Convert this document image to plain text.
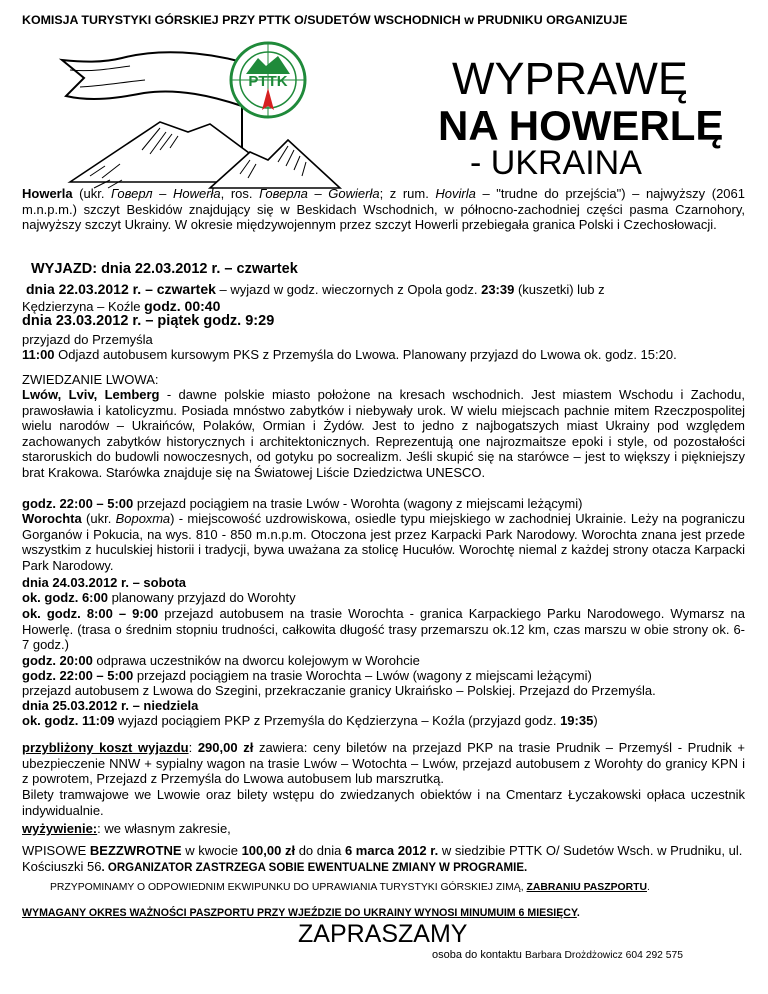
KOMISJA TURYSTYKI GÓRSKIEJ PRZY PTTK O/SUDETÓW WSCHODNICH w PRUDNIKU ORGANIZUJE
PTTK	WYPRAWĘ
NA HOWERLĘ
- UKRAINA

Howerla (ukr. Говерл – Howerła, ros. Говерла – Gowierła; z rum. Hovirla – "trudne do przejścia") – najwyższy (2061 m.n.p.m.) szczyt Beskidów znajdujący się w Beskidach Wschodnich, w północno-zachodniej części pasma Czarnohory, najwyższy szczyt Ukrainy. W okresie międzywojennym przez szczyt Howerli przebiegała granica Polski i Czechosłowacji.

WYJAZD: dnia 22.03.2012 r. – czwartek

dnia 22.03.2012 r. – czwartek – wyjazd w godz. wieczornych z Opola godz. 23:39 (kuszetki) lub z

Kędzierzyna – Koźle godz. 00:40

dnia 23.03.2012 r. – piątek godz. 9:29
przyjazd do Przemyśla

11:00 Odjazd autobusem kursowym PKS z Przemyśla do Lwowa. Planowany przyjazd do Lwowa ok. godz. 15:20.

ZWIEDZANIE LWOWA:

Lwów, Lviv, Lemberg - dawne polskie miasto położone na kresach wschodnich. Jest miastem Wschodu i Zachodu, prawosławia i katolicyzmu. Posiada mnóstwo zabytków i niebywały urok. W wielu miejscach pachnie mitem Rzeczpospolitej wielu narodów – Ukraińców, Polaków, Ormian i Żydów. Jest to jedno z najbogatszych miast Ukrainy pod względem zachowanych zabytków historycznych i architektonicznych. Reprezentują one najrozmaitsze epoki i style, od pozostałości staroruskich do budowli nowoczesnych, od gotyku po socrealizm. Jeśli skupić się na starówce – jest to większy i piękniejszy brat Krakowa. Starówka znajduje się na Światowej Liście Dziedzictwa UNESCO.

godz. 22:00 – 5:00 przejazd pociągiem na trasie Lwów - Worohta (wagony z miejscami leżącymi)

Worochta (ukr. Ворохта) - miejscowość uzdrowiskowa, osiedle typu miejskiego w zachodniej Ukrainie. Leży na pograniczu Gorganów i Pokucia, na wys. 810 - 850 m.n.p.m. Otoczona jest przez Karpacki Park Narodowy. Worochta znana jest przede wszystkim z huculskiej historii i tradycji, bywa uważana za stolicę Hucułów. Worochtę niemal z każdej strony otacza Karpacki Park Narodowy.

dnia 24.03.2012 r. – sobota

ok. godz. 6:00 planowany przyjazd do Worohty

ok. godz. 8:00 – 9:00 przejazd autobusem na trasie Worochta - granica Karpackiego Parku Narodowego. Wymarsz na Howerlę. (trasa o średnim stopniu trudności, całkowita długość trasy przemarszu ok.12 km, czas marszu w obie strony ok. 6-7 godz.)

godz. 20:00 odprawa uczestników na dworcu kolejowym w Worohcie

godz. 22:00 – 5:00 przejazd pociągiem na trasie Worochta – Lwów (wagony z miejscami leżącymi)

przejazd autobusem z Lwowa do Szegini, przekraczanie granicy Ukraińsko – Polskiej. Przejazd do Przemyśla.
dnia 25.03.2012 r. – niedziela

ok. godz. 11:09 wyjazd pociągiem PKP z Przemyśla do Kędzierzyna – Koźla (przyjazd godz. 19:35)

przybliżony koszt wyjazdu: 290,00 zł zawiera: ceny biletów na przejazd PKP na trasie Prudnik – Przemyśl - Prudnik + ubezpieczenie NNW + sypialny wagon na trasie Lwów – Wotochta – Lwów, przejazd autobusem z Worohty do granicy KPN i z powrotem, Przejazd z Przemyśla do Lwowa autobusem lub marszrutką.

Bilety tramwajowe we Lwowie oraz bilety wstępu do zwiedzanych obiektów i na Cmentarz Łyczakowski opłaca uczestnik indywidualnie.

wyżywienie:: we własnym zakresie,

WPISOWE BEZZWROTNE w kwocie 100,00 zł do dnia 6 marca 2012 r. w siedzibie PTTK O/ Sudetów Wsch. w Prudniku, ul. Kościuszki 56. ORGANIZATOR ZASTRZEGA SOBIE EWENTUALNE ZMIANY W PROGRAMIE.

PRZYPOMINAMY O ODPOWIEDNIM EKWIPUNKU DO UPRAWIANIA TURYSTYKI GÓRSKIEJ ZIMĄ, ZABRANIU PASZPORTU.

WYMAGANY OKRES WAŻNOŚCI PASZPORTU PRZY WJEŹDZIE DO UKRAINY WYNOSI MINUMUIM 6 MIESIĘCY.

ZAPRASZAMY

osoba do kontaktu Barbara Drożdżowicz 604 292 575
